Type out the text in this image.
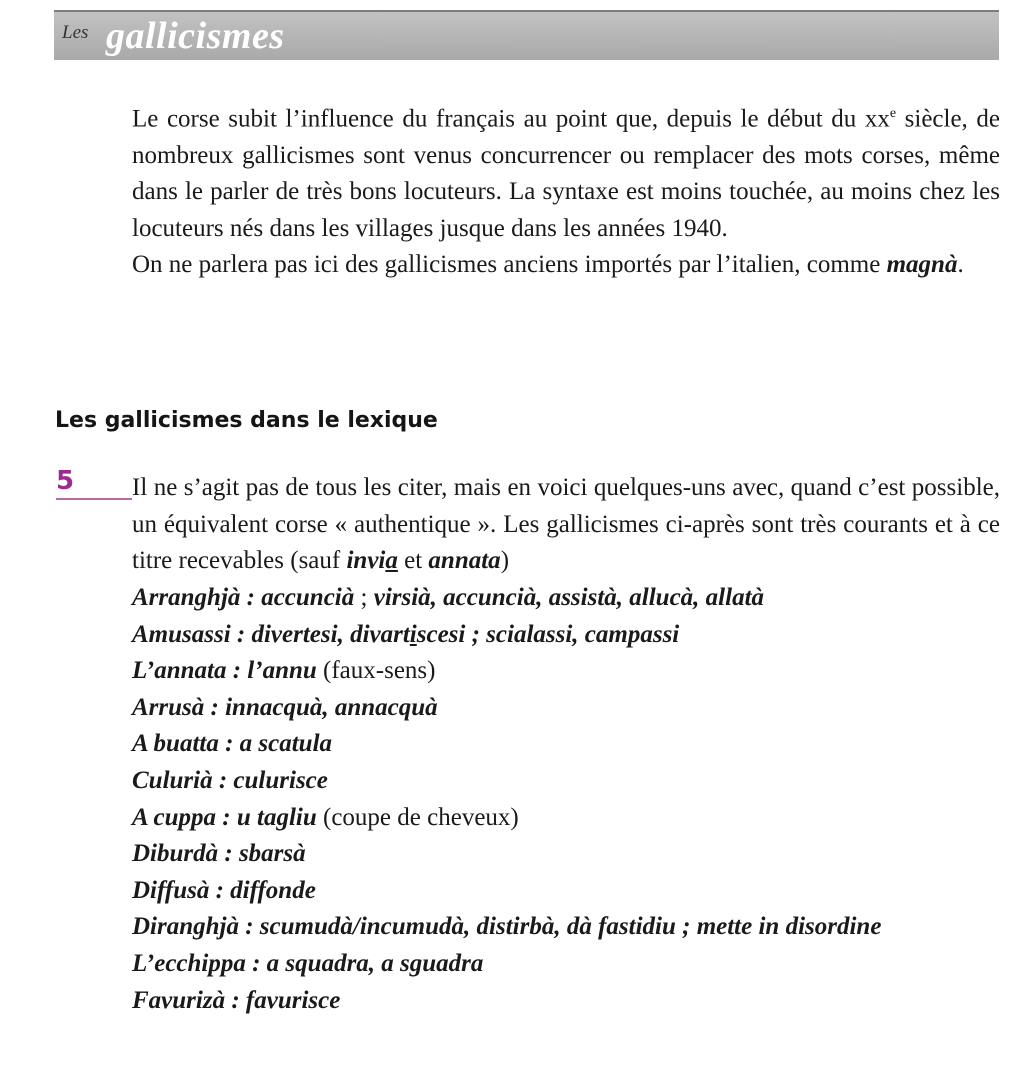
Les gallicismes

Le corse subit l’influence du français au point que, depuis le début du $xx^e$ siècle, de nombreux gallicismes sont venus concurrencer ou remplacer des mots corses, même dans le parler de très bons locuteurs. La syntaxe est moins touchée, au moins chez les locuteurs nés dans les villages jusque dans les années 1940.

On ne parlera pas ici des gallicismes anciens importés par l’italien, comme magnà.

Les gallicismes dans le lexique
5	Il ne s’agit pas de tous les citer, mais en voici quelques-uns avec, quand c’est possible, un équivalent corse « authentique ». Les gallicismes ci-après sont très courants et à ce titre recevables (sauf invia et annata)

Arranghjà : accuncià ; virsià, accuncià, assistà, allucà, allatà

Amusassi : divertesi, divartiscesi ; scialassi, campassi

L’annata : l’annu (faux-sens)

Arrusà : innacquà, annacquà

A buatta : a scatula

Culurià : culurisce

A cuppa : u tagliu (coupe de cheveux)

Diburdà : sbarsà

Diffusà : diffonde

Diranghjà : scumudà/incumudà, distirbà, dà fastidiu ; mette in disordine

L’ecchippa : a squadra, a sguadra

Favurizà : favurisce
